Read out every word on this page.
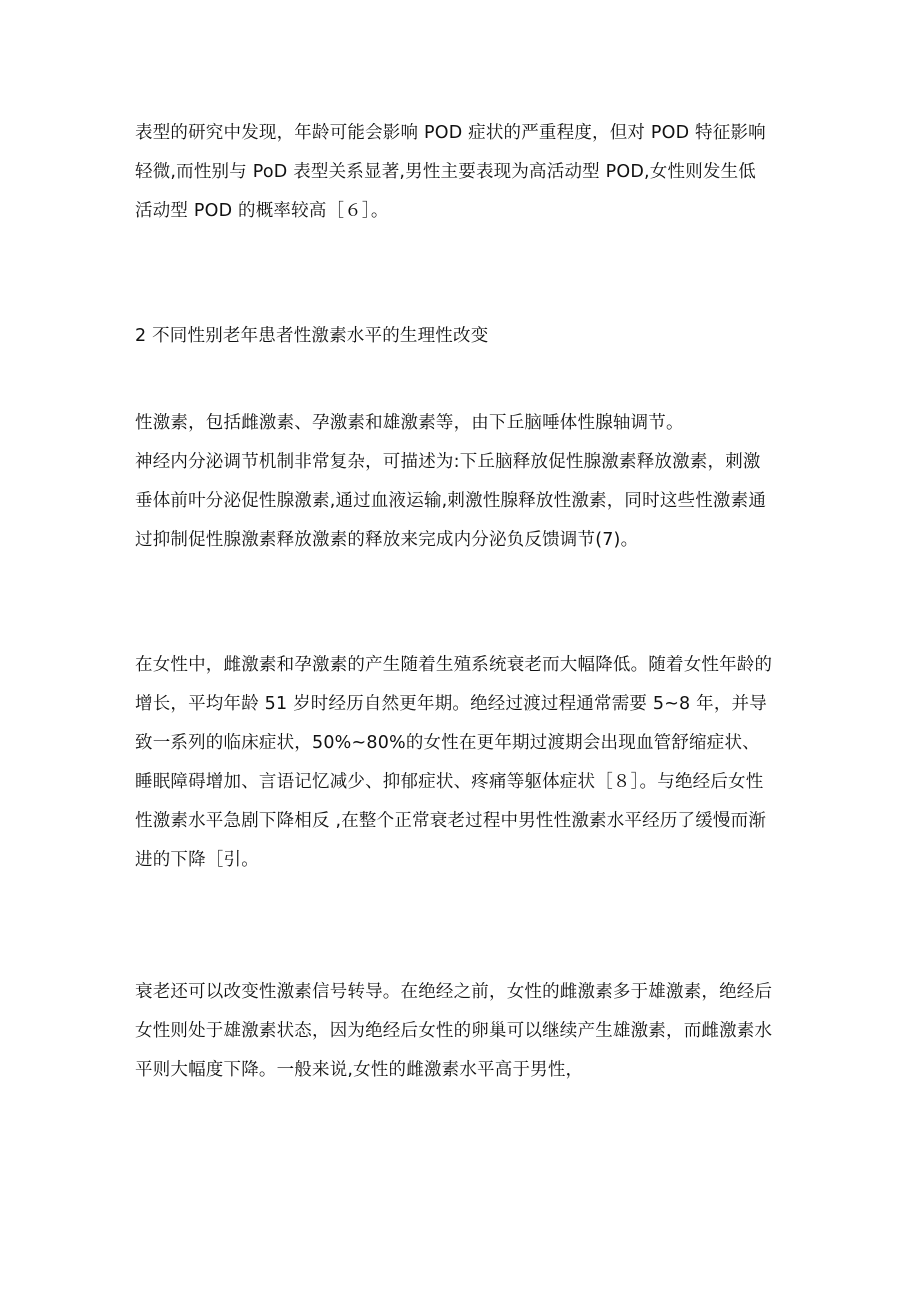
表型的研究中发现，年龄可能会影响 POD 症状的严重程度，但对 POD 特征影响
轻微,而性别与 PoD 表型关系显著,男性主要表现为高活动型 POD,女性则发生低
活动型 POD 的概率较高［６］。

2 不同性别老年患者性激素水平的生理性改变

性激素，包括雌激素、孕激素和雄激素等，由下丘脑唾体性腺轴调节。
神经内分泌调节机制非常复杂，可描述为:下丘脑释放促性腺激素释放激素，刺激
垂体前叶分泌促性腺激素,通过血液运输,刺激性腺释放性激素，同时这些性激素通
过抑制促性腺激素释放激素的释放来完成内分泌负反馈调节(7)。

在女性中，雌激素和孕激素的产生随着生殖系统衰老而大幅降低。随着女性年龄的
增长，平均年龄 51 岁时经历自然更年期。绝经过渡过程通常需要 5~8 年，并导
致一系列的临床症状，50%~80%的女性在更年期过渡期会出现血管舒缩症状、
睡眠障碍增加、言语记忆减少、抑郁症状、疼痛等躯体症状［８］。与绝经后女性
性激素水平急剧下降相反 ,在整个正常衰老过程中男性性激素水平经历了缓慢而渐
进的下降［引。

衰老还可以改变性激素信号转导。在绝经之前，女性的雌激素多于雄激素，绝经后
女性则处于雄激素状态，因为绝经后女性的卵巢可以继续产生雄激素，而雌激素水
平则大幅度下降。一般来说,女性的雌激素水平高于男性，
